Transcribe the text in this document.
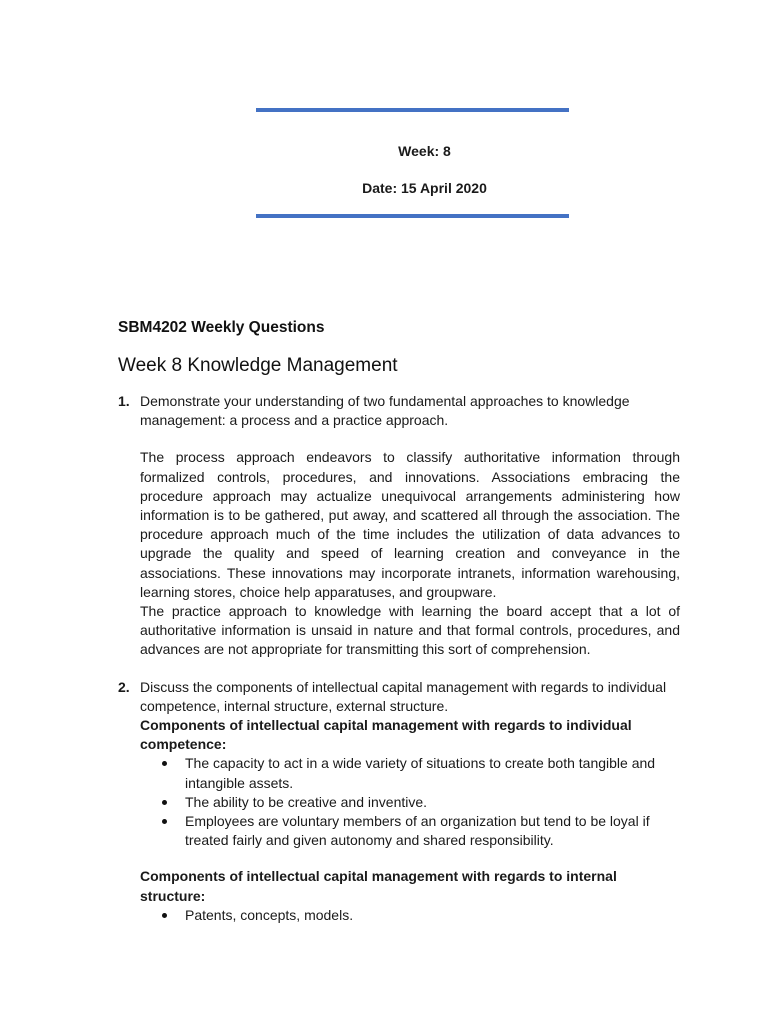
Week: 8
Date: 15 April 2020
SBM4202 Weekly Questions
Week 8 Knowledge Management
1. Demonstrate your understanding of two fundamental approaches to knowledge management: a process and a practice approach.

The process approach endeavors to classify authoritative information through formalized controls, procedures, and innovations. Associations embracing the procedure approach may actualize unequivocal arrangements administering how information is to be gathered, put away, and scattered all through the association. The procedure approach much of the time includes the utilization of data advances to upgrade the quality and speed of learning creation and conveyance in the associations. These innovations may incorporate intranets, information warehousing, learning stores, choice help apparatuses, and groupware.

The practice approach to knowledge with learning the board accept that a lot of authoritative information is unsaid in nature and that formal controls, procedures, and advances are not appropriate for transmitting this sort of comprehension.

2. Discuss the components of intellectual capital management with regards to individual competence, internal structure, external structure.

Components of intellectual capital management with regards to individual competence:

The capacity to act in a wide variety of situations to create both tangible and intangible assets.
The ability to be creative and inventive.
Employees are voluntary members of an organization but tend to be loyal if treated fairly and given autonomy and shared responsibility.

Components of intellectual capital management with regards to internal structure:

Patents, concepts, models.
